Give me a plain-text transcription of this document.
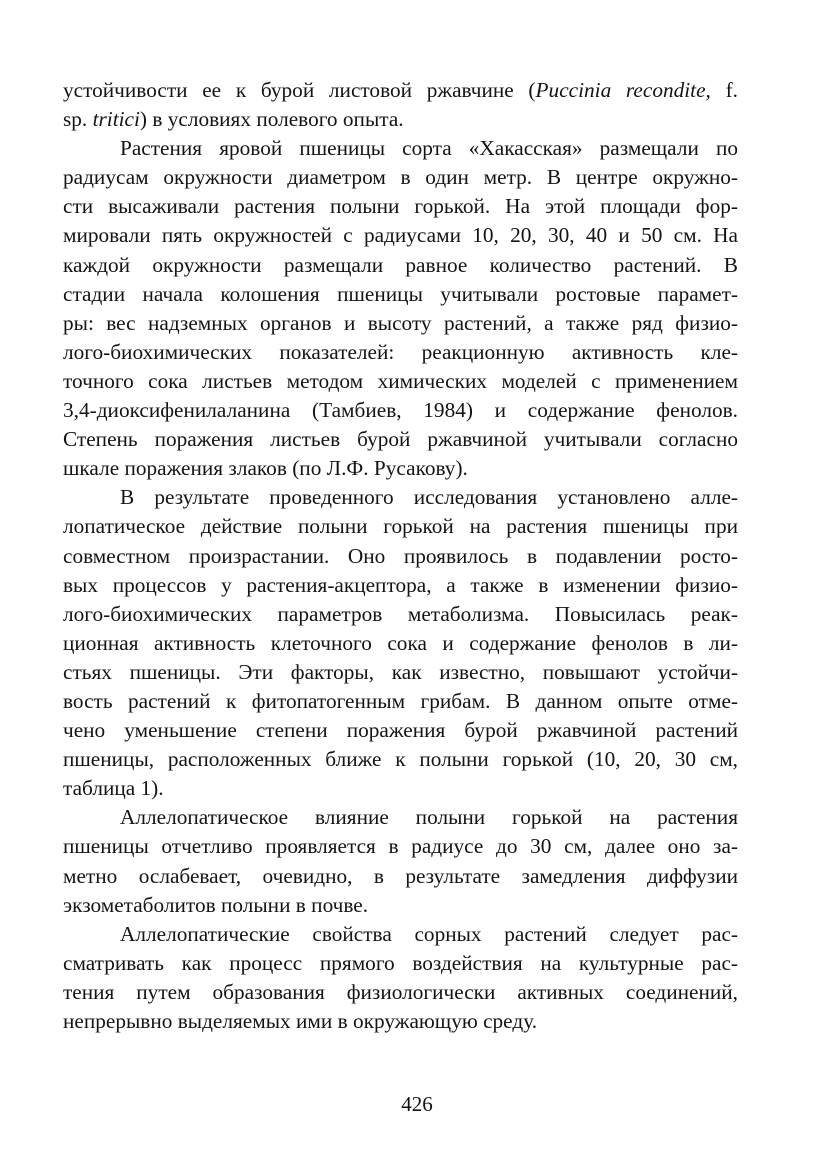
устойчивости ее к бурой листовой ржавчине (Puccinia recondite, f.
sp. tritici) в условиях полевого опыта.
Растения яровой пшеницы сорта «Хакасская» размещали по
радиусам окружности диаметром в один метр. В центре окружно-
сти высаживали растения полыни горькой. На этой площади фор-
мировали пять окружностей с радиусами 10, 20, 30, 40 и 50 см. На
каждой окружности размещали равное количество растений. В
стадии начала колошения пшеницы учитывали ростовые парамет-
ры: вес надземных органов и высоту растений, а также ряд физио-
лого-биохимических показателей: реакционную активность кле-
точного сока листьев методом химических моделей с применением
3,4-диоксифенилаланина (Тамбиев, 1984) и содержание фенолов.
Степень поражения листьев бурой ржавчиной учитывали согласно
шкале поражения злаков (по Л.Ф. Русакову).
В результате проведенного исследования установлено алле-
лопатическое действие полыни горькой на растения пшеницы при
совместном произрастании. Оно проявилось в подавлении росто-
вых процессов у растения-акцептора, а также в изменении физио-
лого-биохимических параметров метаболизма. Повысилась реак-
ционная активность клеточного сока и содержание фенолов в ли-
стьях пшеницы. Эти факторы, как известно, повышают устойчи-
вость растений к фитопатогенным грибам. В данном опыте отме-
чено уменьшение степени поражения бурой ржавчиной растений
пшеницы, расположенных ближе к полыни горькой (10, 20, 30 см,
таблица 1).
Аллелопатическое влияние полыни горькой на растения
пшеницы отчетливо проявляется в радиусе до 30 см, далее оно за-
метно ослабевает, очевидно, в результате замедления диффузии
экзометаболитов полыни в почве.
Аллелопатические свойства сорных растений следует рас-
сматривать как процесс прямого воздействия на культурные рас-
тения путем образования физиологически активных соединений,
непрерывно выделяемых ими в окружающую среду.
426
